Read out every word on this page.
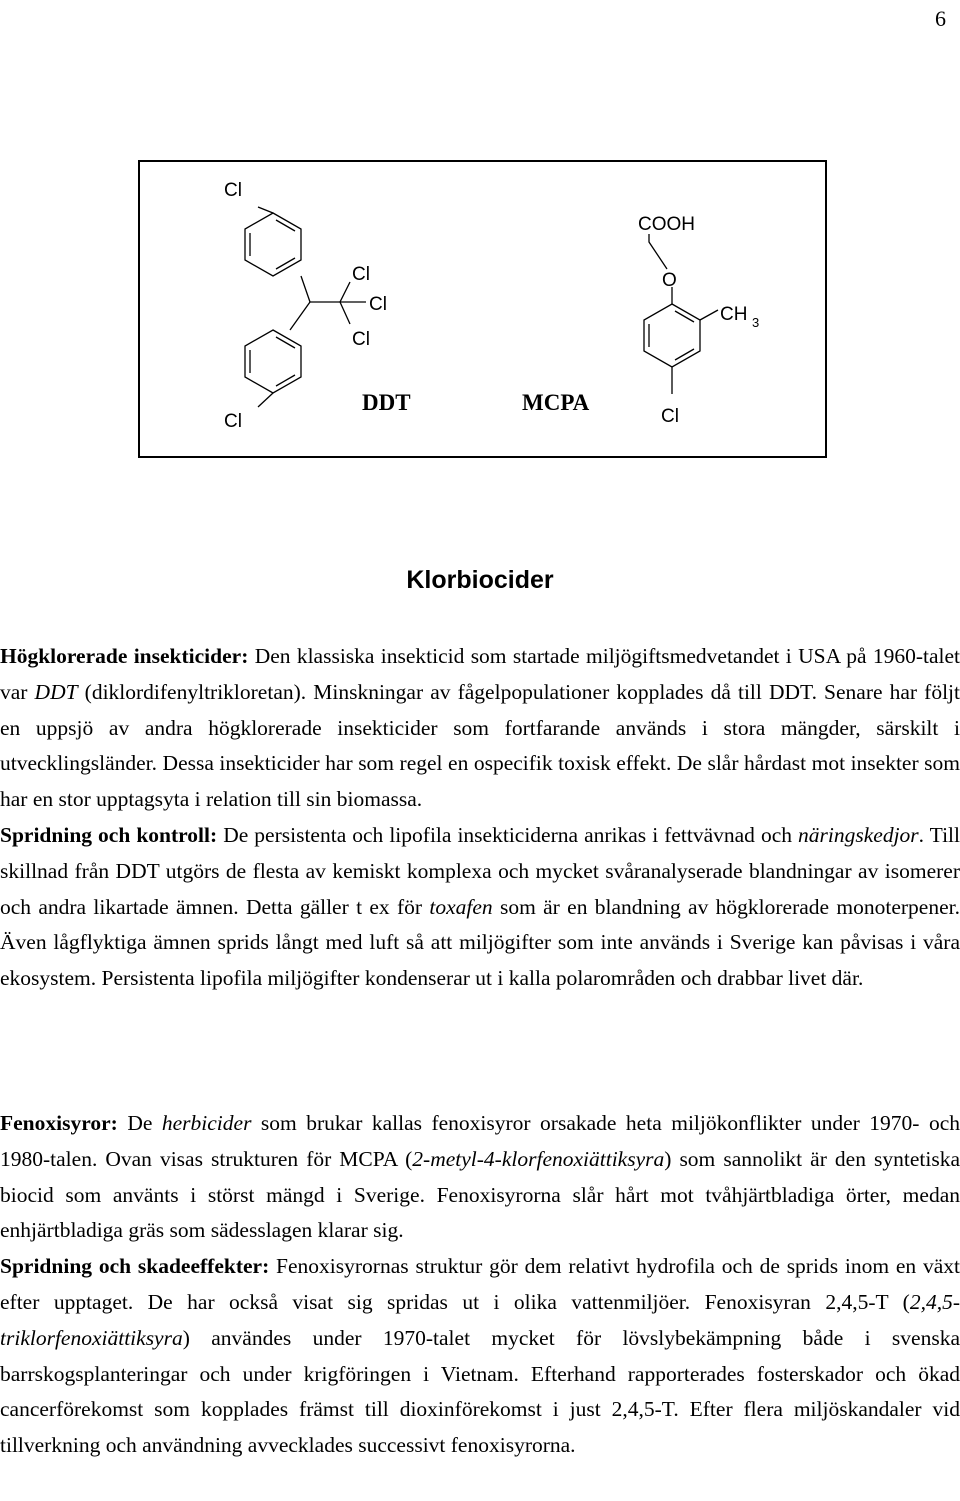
6
Cl
Cl
Cl
Cl
Cl
DDT	MCPA
COOH
O
CH 3
Cl
Klorbiocider

Högklorerade insekticider: Den klassiska insekticid som startade miljögiftsmedvetandet i USA på 1960-talet var DDT (diklordifenyltrikloretan). Minskningar av fågelpopulationer kopplades då till DDT. Senare har följt en uppsjö av andra högklorerade insekticider som fortfarande används i stora mängder, särskilt i utvecklingsländer. Dessa insekticider har som regel en ospecifik toxisk effekt. De slår hårdast mot insekter som har en stor upptagsyta i relation till sin biomassa.

Spridning och kontroll: De persistenta och lipofila insekticiderna anrikas i fettvävnad och näringskedjor. Till skillnad från DDT utgörs de flesta av kemiskt komplexa och mycket svåranalyserade blandningar av isomerer och andra likartade ämnen. Detta gäller t ex för toxafen som är en blandning av högklorerade monoterpener. Även lågflyktiga ämnen sprids långt med luft så att miljögifter som inte används i Sverige kan påvisas i våra ekosystem. Persistenta lipofila miljögifter kondenserar ut i kalla polarområden och drabbar livet där.

Fenoxisyror: De herbicider som brukar kallas fenoxisyror orsakade heta miljökonflikter under 1970- och 1980-talen. Ovan visas strukturen för MCPA (2-metyl-4-klorfenoxiättiksyra) som sannolikt är den syntetiska biocid som använts i störst mängd i Sverige. Fenoxisyrorna slår hårt mot tvåhjärtbladiga örter, medan enhjärtbladiga gräs som sädesslagen klarar sig.

Spridning och skadeeffekter: Fenoxisyrornas struktur gör dem relativt hydrofila och de sprids inom en växt efter upptaget. De har också visat sig spridas ut i olika vattenmiljöer. Fenoxisyran 2,4,5-T (2,4,5-triklorfenoxiättiksyra) användes under 1970-talet mycket för lövslybekämpning både i svenska barrskogsplanteringar och under krigföringen i Vietnam. Efterhand rapporterades fosterskador och ökad cancerförekomst som kopplades främst till dioxinförekomst i just 2,4,5-T. Efter flera miljöskandaler vid tillverkning och användning avvecklades successivt fenoxisyrorna.
